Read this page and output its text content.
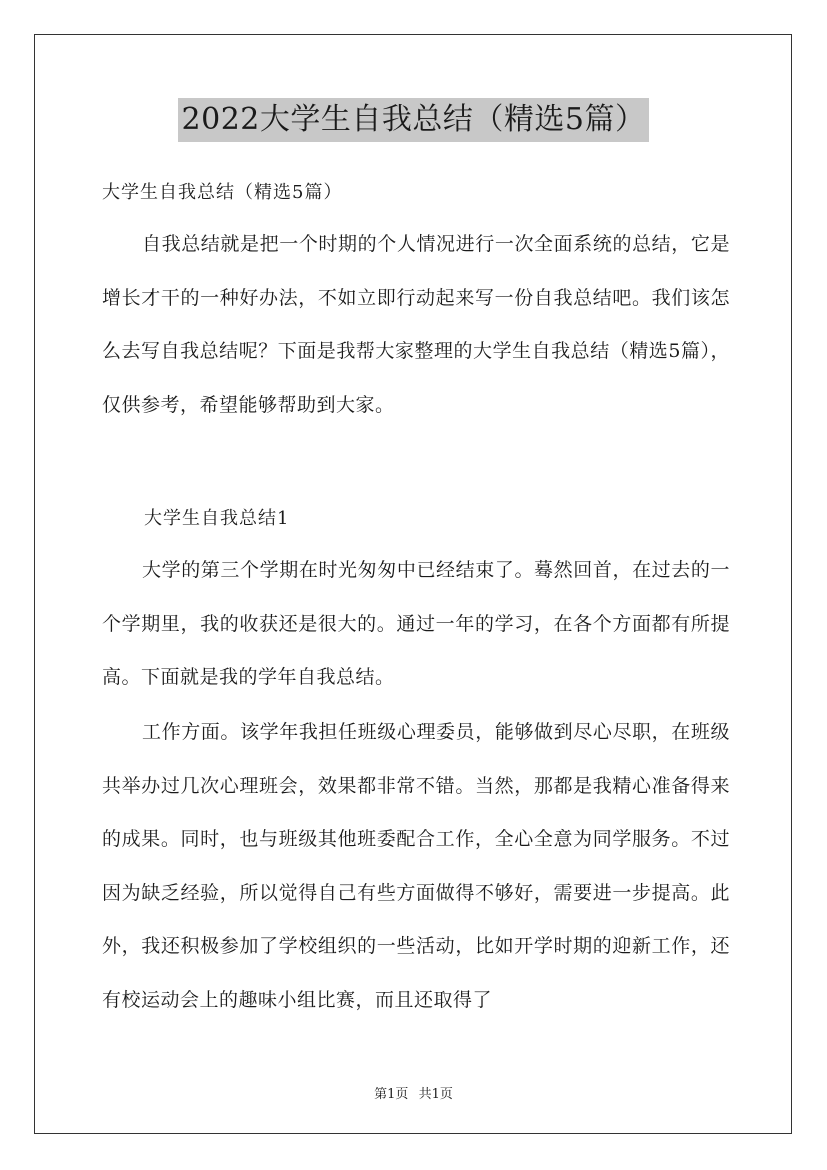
2022大学生自我总结（精选5篇）
大学生自我总结（精选5篇）

自我总结就是把一个时期的个人情况进行一次全面系统的总结，它是增长才干的一种好办法，不如立即行动起来写一份自我总结吧。我们该怎么去写自我总结呢？下面是我帮大家整理的大学生自我总结（精选5篇），仅供参考，希望能够帮助到大家。

大学生自我总结1

大学的第三个学期在时光匆匆中已经结束了。蓦然回首，在过去的一个学期里，我的收获还是很大的。通过一年的学习，在各个方面都有所提高。下面就是我的学年自我总结。

工作方面。该学年我担任班级心理委员，能够做到尽心尽职，在班级共举办过几次心理班会，效果都非常不错。当然，那都是我精心准备得来的成果。同时，也与班级其他班委配合工作，全心全意为同学服务。不过因为缺乏经验，所以觉得自己有些方面做得不够好，需要进一步提高。此外，我还积极参加了学校组织的一些活动，比如开学时期的迎新工作，还有校运动会上的趣味小组比赛，而且还取得了

第1页 共1页
